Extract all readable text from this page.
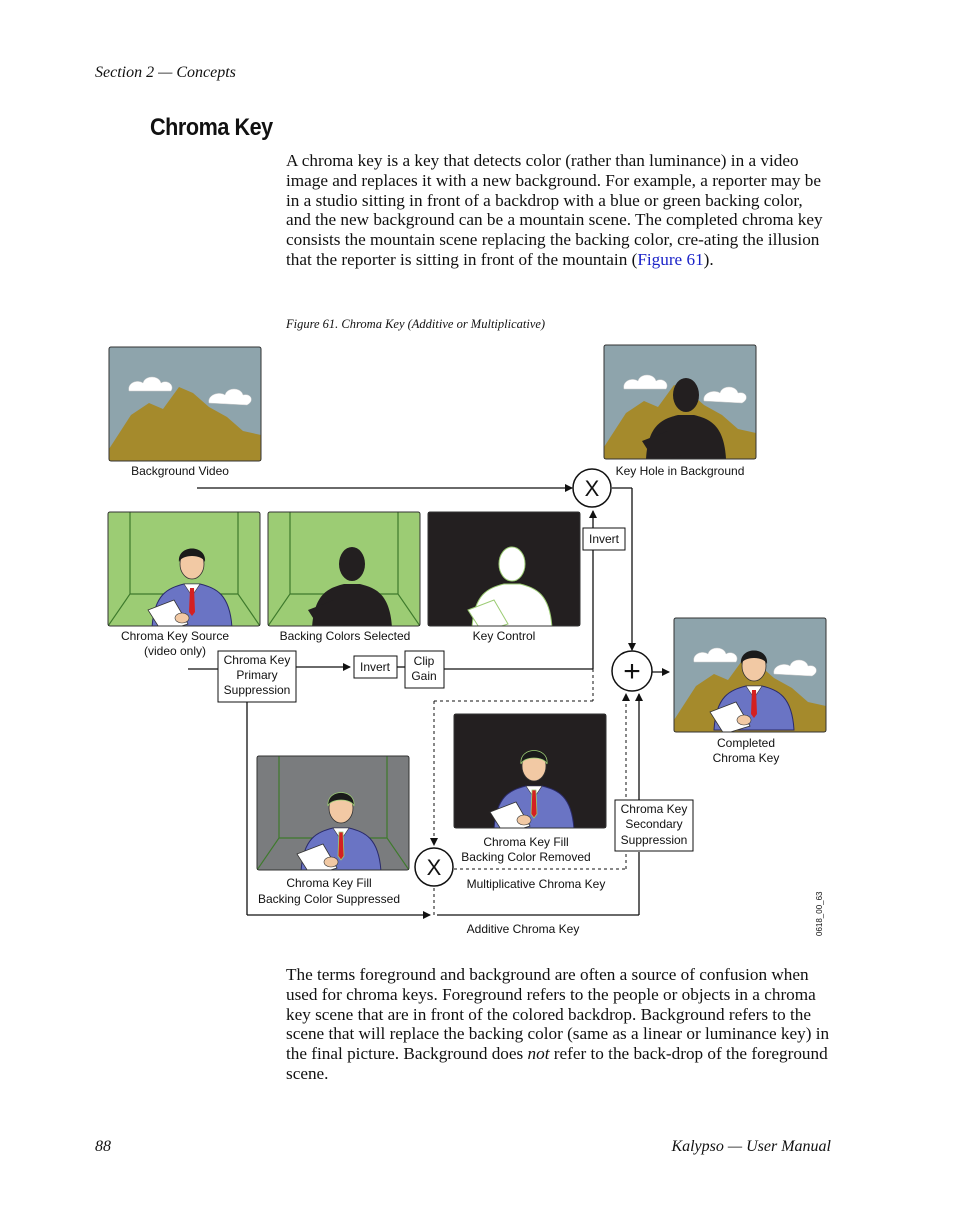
Section 2 — Concepts
Chroma Key

A chroma key is a key that detects color (rather than luminance) in a video image and replaces it with a new background. For example, a reporter may be in a studio sitting in front of a backdrop with a blue or green backing color, and the new background can be a mountain scene. The completed chroma key consists the mountain scene replacing the backing color, cre-ating the illusion that the reporter is sitting in front of the mountain (Figure 61).

Figure 61. Chroma Key (Additive or Multiplicative)
Background Video	Key Hole in Background
Chroma Key Source
(video only)
Backing Colors Selected	Key Control
Completed
Chroma Key
Chroma Key Fill
Backing Color Removed
Chroma Key Fill
Backing Color Suppressed
X
+
X
Invert
Chroma Key
Primary
Suppression
Invert Clip
Gain
Chroma Key
Secondary
Suppression
Multiplicative Chroma Key
Additive Chroma Key	0618_00_63

The terms foreground and background are often a source of confusion when used for chroma keys. Foreground refers to the people or objects in a chroma key scene that are in front of the colored backdrop. Background refers to the scene that will replace the backing color (same as a linear or luminance key) in the final picture. Background does not refer to the back-drop of the foreground scene.

88	Kalypso — User Manual
